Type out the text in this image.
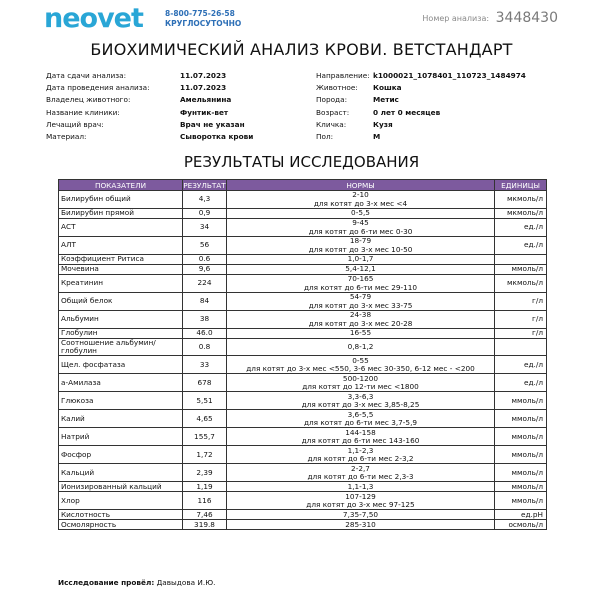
neovet	8-800-775-26-58
КРУГЛОСУТОЧНО
Номер анализа: 3448430
БИОХИМИЧЕСКИЙ АНАЛИЗ КРОВИ. ВЕТСТАНДАРТ
Дата сдачи анализа:	11.07.2023	Направление: k1000021_1078401_110723_1484974
Дата проведения анализа:	11.07.2023	Животное: Кошка
Владелец животного:	Амельянина	Порода:	Метис
Название клиники:	Фунтик-вет	Возраст:	0 лет 0 месяцев
Лечащий врач:	Врач не указан	Кличка:	Кузя
Материал:	Сыворотка крови	Пол:	М
РЕЗУЛЬТАТЫ ИССЛЕДОВАНИЯ
ПОКАЗАТЕЛИ	РЕЗУЛЬТАТ	НОРМЫ	ЕДИНИЦЫ
Билирубин общий	4,3	2-10
для котят до 3-х мес <4	мкмоль/л
Билирубин прямой	0,9	0-5,5	мкмоль/л
АСТ	34	9-45
для котят до 6-ти мес 0-30	ед./л
АЛТ	56	18-79
для котят до 3-х мес 10-50	ед./л
Коэффициент Ритиса	0.6	1,0-1,7	

Мочевина	9,6	5,4-12,1	ммоль/л
Креатинин	224	70-165
для котят до 6-ти мес 29-110	мкмоль/л
Общий белок	84	54-79
для котят до 3-х мес 33-75	г/л
Альбумин	38	24-38
для котят до 3-х мес 20-28	г/л
Глобулин	46.0	16-55	г/л
Соотношение альбумин/глобулин	0.8	0,8-1,2	

Щел. фосфатаза	33	0-55
для котят до 3-х мес <550, 3-6 мес 30-350, 6-12 мес - <200	ед./л
а-Амилаза	678	500-1200
для котят до 12-ти мес <1800	ед./л
Глюкоза	5,51	3,3-6,3
для котят до 3-х мес 3,85-8,25	ммоль/л
Калий	4,65	3,6-5,5
для котят до 6-ти мес 3,7-5,9	ммоль/л
Натрий	155,7	144-158
для котят до 6-ти мес 143-160	ммоль/л
Фосфор	1,72	1,1-2,3
для котят до 6-ти мес 2-3,2	ммоль/л
Кальций	2,39	2-2,7
для котят до 6-ти мес 2,3-3	ммоль/л
Ионизированный кальций	1,19	1,1-1,3	ммоль/л
Хлор	116	107-129
для котят до 3-х мес 97-125	ммоль/л
Кислотность	7,46	7,35-7,50	ед.pH
Осмолярность	319.8	285-310	осмоль/л
Исследование провёл: Давыдова И.Ю.
